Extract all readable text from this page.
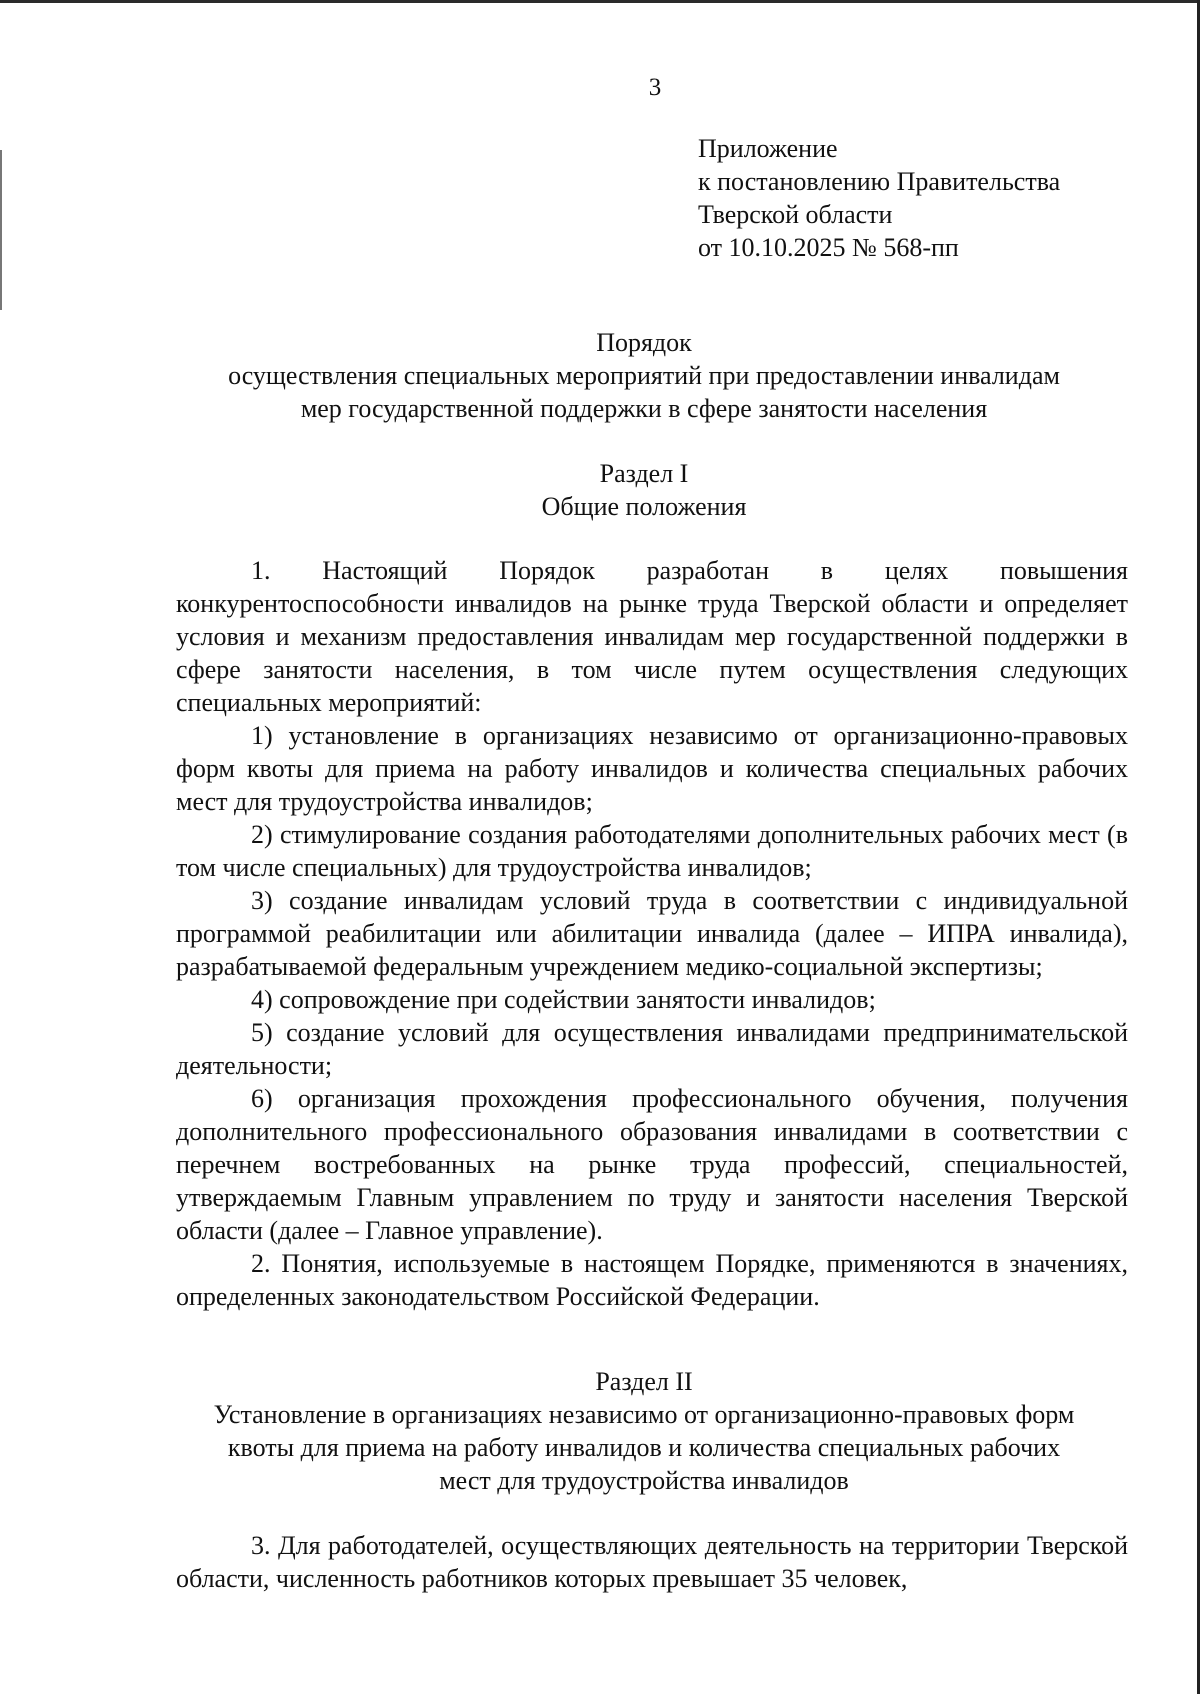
3
Приложение
к постановлению Правительства
Тверской области
от 10.10.2025 № 568-пп
Порядок
осуществления специальных мероприятий при предоставлении инвалидам
мер государственной поддержки в сфере занятости населения
Раздел I
Общие положения

1. Настоящий Порядок разработан в целях повышения конкурентоспособности инвалидов на рынке труда Тверской области и определяет условия и механизм предоставления инвалидам мер государственной поддержки в сфере занятости населения, в том числе путем осуществления следующих специальных мероприятий:

1) установление в организациях независимо от организационно-правовых форм квоты для приема на работу инвалидов и количества специальных рабочих мест для трудоустройства инвалидов;

2) стимулирование создания работодателями дополнительных рабочих мест (в том числе специальных) для трудоустройства инвалидов;

3) создание инвалидам условий труда в соответствии с индивидуальной программой реабилитации или абилитации инвалида (далее – ИПРА инвалида), разрабатываемой федеральным учреждением медико-социальной экспертизы;

4) сопровождение при содействии занятости инвалидов;

5) создание условий для осуществления инвалидами предпринимательской деятельности;

6) организация прохождения профессионального обучения, получения дополнительного профессионального образования инвалидами в соответствии с перечнем востребованных на рынке труда профессий, специальностей, утверждаемым Главным управлением по труду и занятости населения Тверской области (далее – Главное управление).

2. Понятия, используемые в настоящем Порядке, применяются в значениях, определенных законодательством Российской Федерации.

Раздел II
Установление в организациях независимо от организационно-правовых форм
квоты для приема на работу инвалидов и количества специальных рабочих
мест для трудоустройства инвалидов

3. Для работодателей, осуществляющих деятельность на территории Тверской области, численность работников которых превышает 35 человек,
